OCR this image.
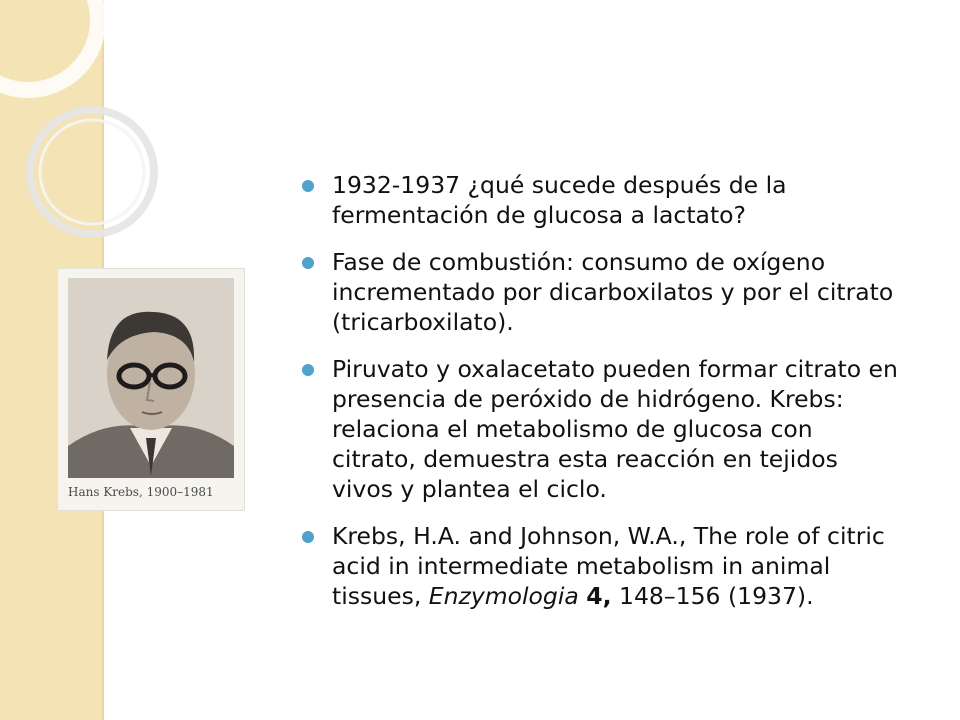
Hans Krebs, 1900–1981
1932-1937 ¿qué sucede después de la fermentación de glucosa a lactato?
Fase de combustión: consumo de oxígeno incrementado por dicarboxilatos y por el citrato (tricarboxilato).
Piruvato y oxalacetato pueden formar citrato en presencia de peróxido de hidrógeno. Krebs: relaciona el metabolismo de glucosa con citrato, demuestra esta reacción en tejidos vivos y plantea el ciclo.
Krebs, H.A. and Johnson, W.A., The role of citric acid in intermediate metabolism in animal tissues, Enzymologia 4, 148–156 (1937).
